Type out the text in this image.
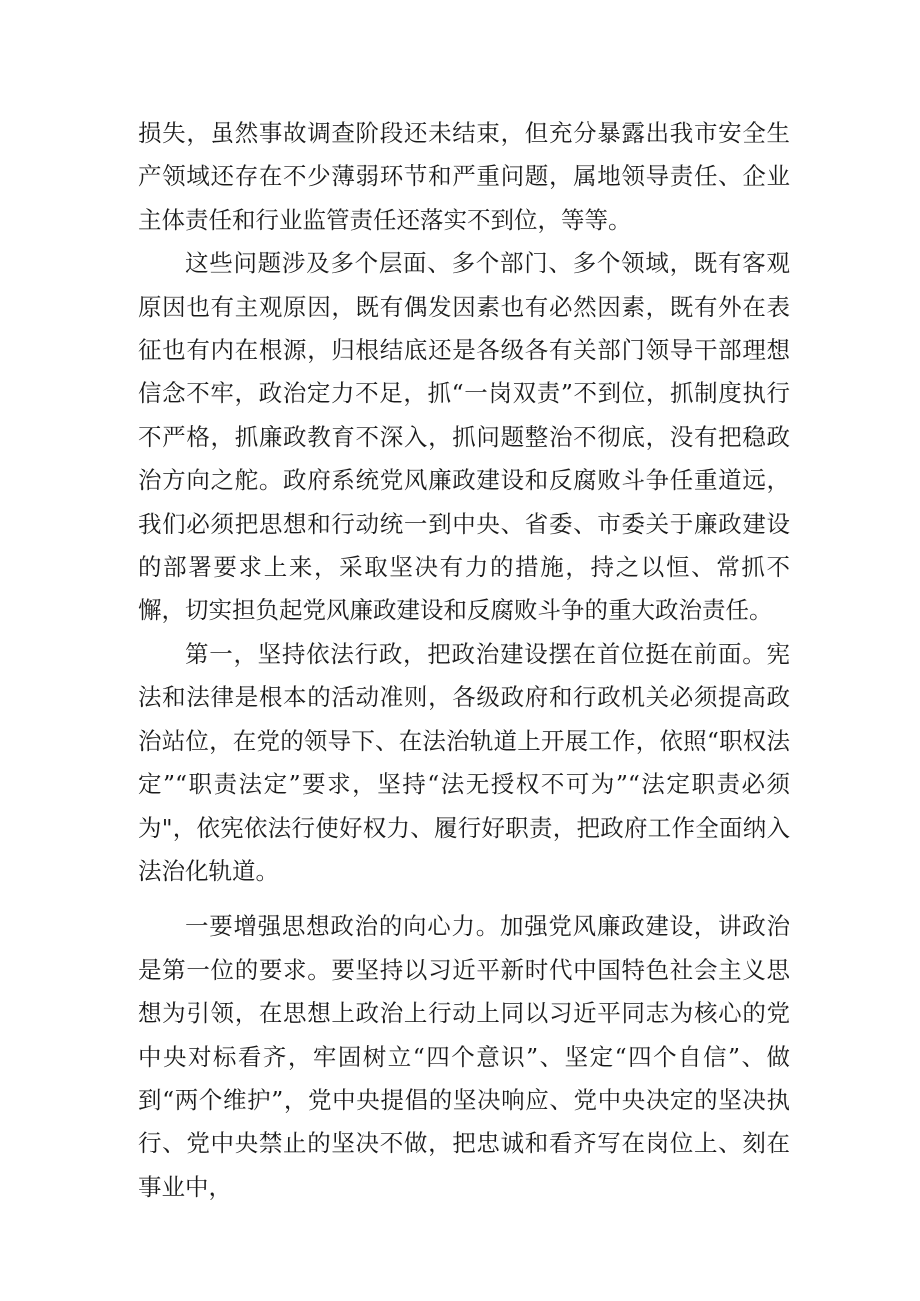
损失，虽然事故调查阶段还未结束，但充分暴露出我市安全生产领域还存在不少薄弱环节和严重问题，属地领导责任、企业主体责任和行业监管责任还落实不到位，等等。

这些问题涉及多个层面、多个部门、多个领域，既有客观原因也有主观原因，既有偶发因素也有必然因素，既有外在表征也有内在根源，归根结底还是各级各有关部门领导干部理想信念不牢，政治定力不足，抓“一岗双责”不到位，抓制度执行不严格，抓廉政教育不深入，抓问题整治不彻底，没有把稳政治方向之舵。政府系统党风廉政建设和反腐败斗争任重道远，我们必须把思想和行动统一到中央、省委、市委关于廉政建设的部署要求上来，采取坚决有力的措施，持之以恒、常抓不懈，切实担负起党风廉政建设和反腐败斗争的重大政治责任。

第一，坚持依法行政，把政治建设摆在首位挺在前面。宪法和法律是根本的活动准则，各级政府和行政机关必须提高政治站位，在党的领导下、在法治轨道上开展工作，依照“职权法定”“职责法定”要求，坚持“法无授权不可为”“法定职责必须为"，依宪依法行使好权力、履行好职责，把政府工作全面纳入法治化轨道。

一要增强思想政治的向心力。加强党风廉政建设，讲政治是第一位的要求。要坚持以习近平新时代中国特色社会主义思想为引领，在思想上政治上行动上同以习近平同志为核心的党中央对标看齐，牢固树立“四个意识”、坚定“四个自信”、做到“两个维护”，党中央提倡的坚决响应、党中央决定的坚决执行、党中央禁止的坚决不做，把忠诚和看齐写在岗位上、刻在事业中，
